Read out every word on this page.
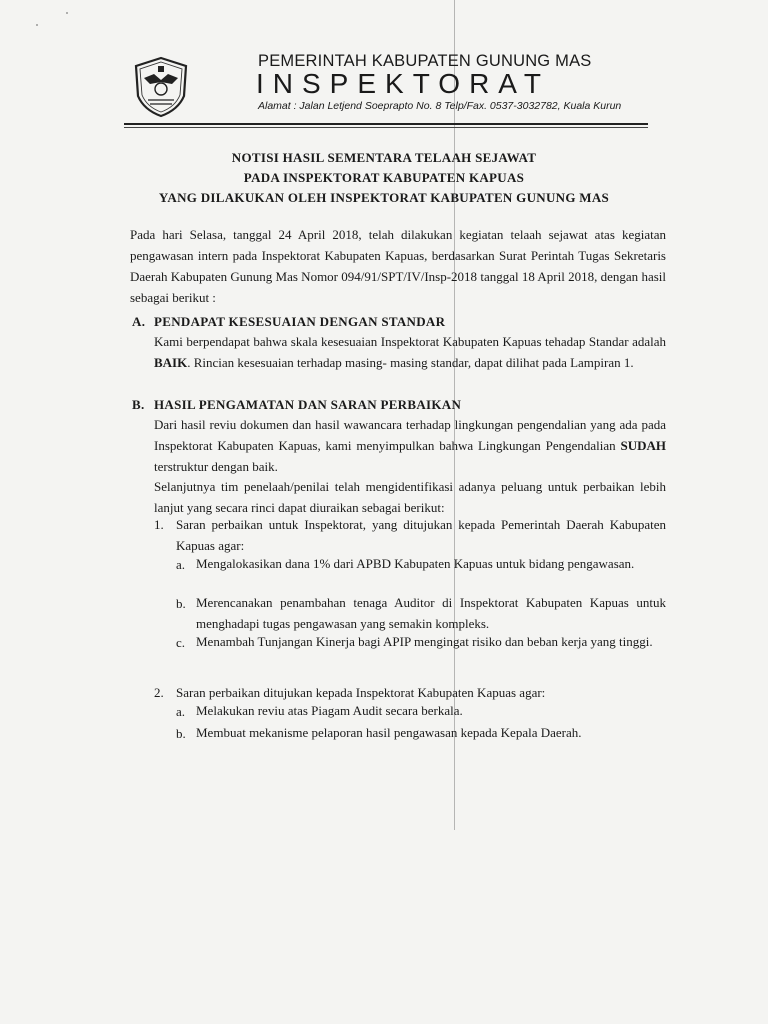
PEMERINTAH KABUPATEN GUNUNG MAS
INSPEKTORAT
Alamat : Jalan Letjend Soeprapto No. 8 Telp/Fax. 0537-3032782, Kuala Kurun
NOTISI HASIL SEMENTARA TELAAH SEJAWAT
PADA INSPEKTORAT KABUPATEN KAPUAS
YANG DILAKUKAN OLEH INSPEKTORAT KABUPATEN GUNUNG MAS
Pada hari Selasa, tanggal 24 April 2018, telah dilakukan kegiatan telaah sejawat atas kegiatan pengawasan intern pada Inspektorat Kabupaten Kapuas, berdasarkan Surat Perintah Tugas Sekretaris Daerah Kabupaten Gunung Mas Nomor 094/91/SPT/IV/Insp-2018 tanggal 18 April 2018, dengan hasil sebagai berikut :
A. PENDAPAT KESESUAIAN DENGAN STANDAR
Kami berpendapat bahwa skala kesesuaian Inspektorat Kabupaten Kapuas tehadap Standar adalah BAIK. Rincian kesesuaian terhadap masing- masing standar, dapat dilihat pada Lampiran 1.
B. HASIL PENGAMATAN DAN SARAN PERBAIKAN
Dari hasil reviu dokumen dan hasil wawancara terhadap lingkungan pengendalian yang ada pada Inspektorat Kabupaten Kapuas, kami menyimpulkan bahwa Lingkungan Pengendalian SUDAH terstruktur dengan baik.
Selanjutnya tim penelaah/penilai telah mengidentifikasi adanya peluang untuk perbaikan lebih lanjut yang secara rinci dapat diuraikan sebagai berikut:
1. Saran perbaikan untuk Inspektorat, yang ditujukan kepada Pemerintah Daerah Kabupaten Kapuas agar:
a. Mengalokasikan dana 1% dari APBD Kabupaten Kapuas untuk bidang pengawasan.
b. Merencanakan penambahan tenaga Auditor di Inspektorat Kabupaten Kapuas untuk menghadapi tugas pengawasan yang semakin kompleks.
c. Menambah Tunjangan Kinerja bagi APIP mengingat risiko dan beban kerja yang tinggi.
2. Saran perbaikan ditujukan kepada Inspektorat Kabupaten Kapuas agar:
a. Melakukan reviu atas Piagam Audit secara berkala.
b. Membuat mekanisme pelaporan hasil pengawasan kepada Kepala Daerah.
